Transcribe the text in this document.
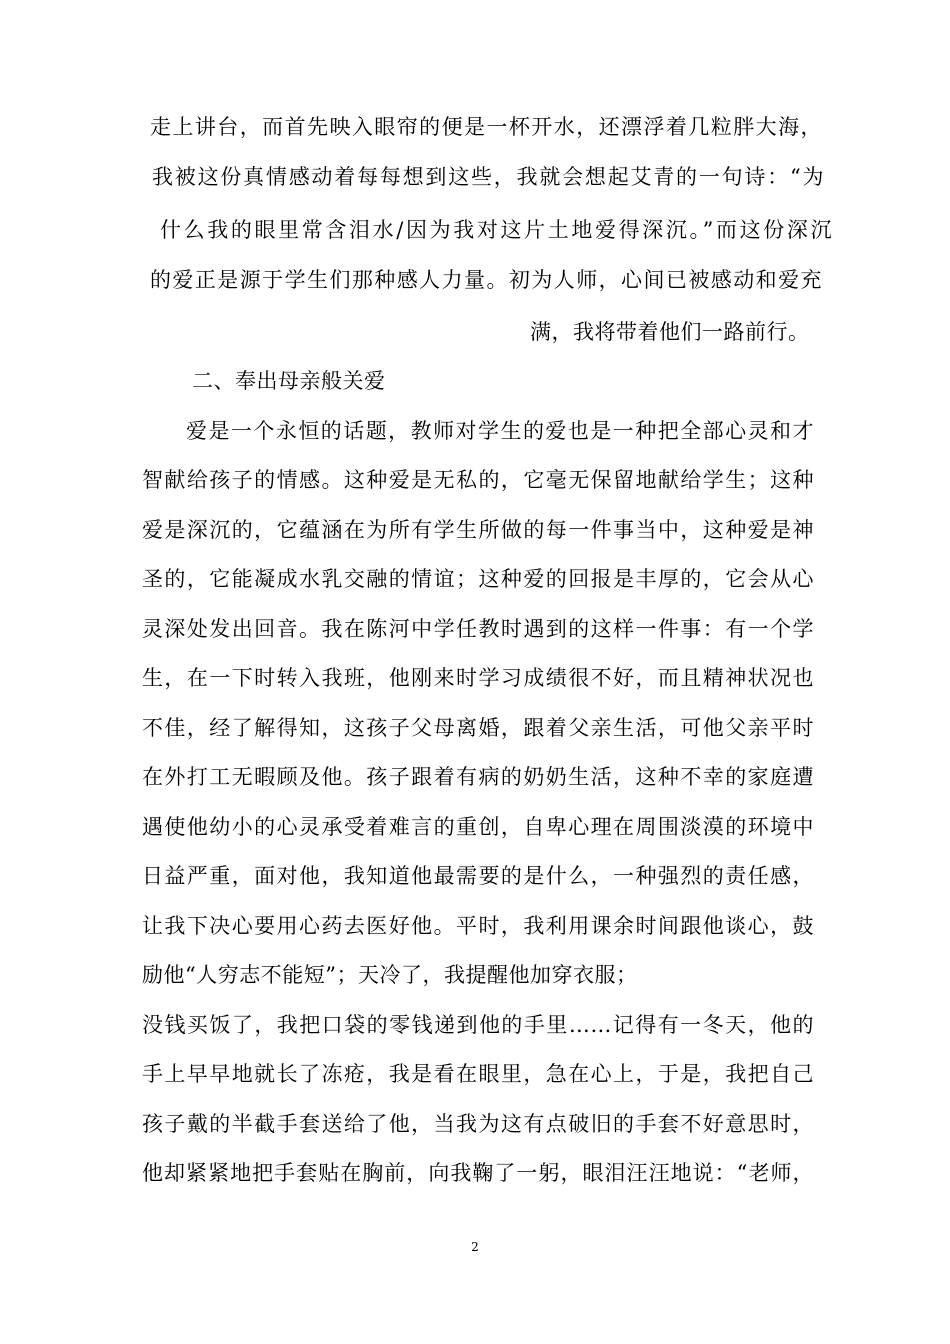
走上讲台，而首先映入眼帘的便是一杯开水，还漂浮着几粒胖大海，
我被这份真情感动着每每想到这些，我就会想起艾青的一句诗：“为
什么我的眼里常含泪水/因为我对这片土地爱得深沉。”而这份深沉
的爱正是源于学生们那种感人力量。初为人师，心间已被感动和爱充
满，我将带着他们一路前行。
二、奉出母亲般关爱
爱是一个永恒的话题，教师对学生的爱也是一种把全部心灵和才
智献给孩子的情感。这种爱是无私的，它毫无保留地献给学生；这种
爱是深沉的，它蕴涵在为所有学生所做的每一件事当中，这种爱是神
圣的，它能凝成水乳交融的情谊；这种爱的回报是丰厚的，它会从心
灵深处发出回音。我在陈河中学任教时遇到的这样一件事：有一个学
生，在一下时转入我班，他刚来时学习成绩很不好，而且精神状况也
不佳，经了解得知，这孩子父母离婚，跟着父亲生活，可他父亲平时
在外打工无暇顾及他。孩子跟着有病的奶奶生活，这种不幸的家庭遭
遇使他幼小的心灵承受着难言的重创，自卑心理在周围淡漠的环境中
日益严重，面对他，我知道他最需要的是什么，一种强烈的责任感，
让我下决心要用心药去医好他。平时，我利用课余时间跟他谈心，鼓
励他“人穷志不能短”；天冷了，我提醒他加穿衣服；
没钱买饭了，我把口袋的零钱递到他的手里……记得有一冬天，他的
手上早早地就长了冻疮，我是看在眼里，急在心上，于是，我把自己
孩子戴的半截手套送给了他，当我为这有点破旧的手套不好意思时，
他却紧紧地把手套贴在胸前，向我鞠了一躬，眼泪汪汪地说：“老师，
2
